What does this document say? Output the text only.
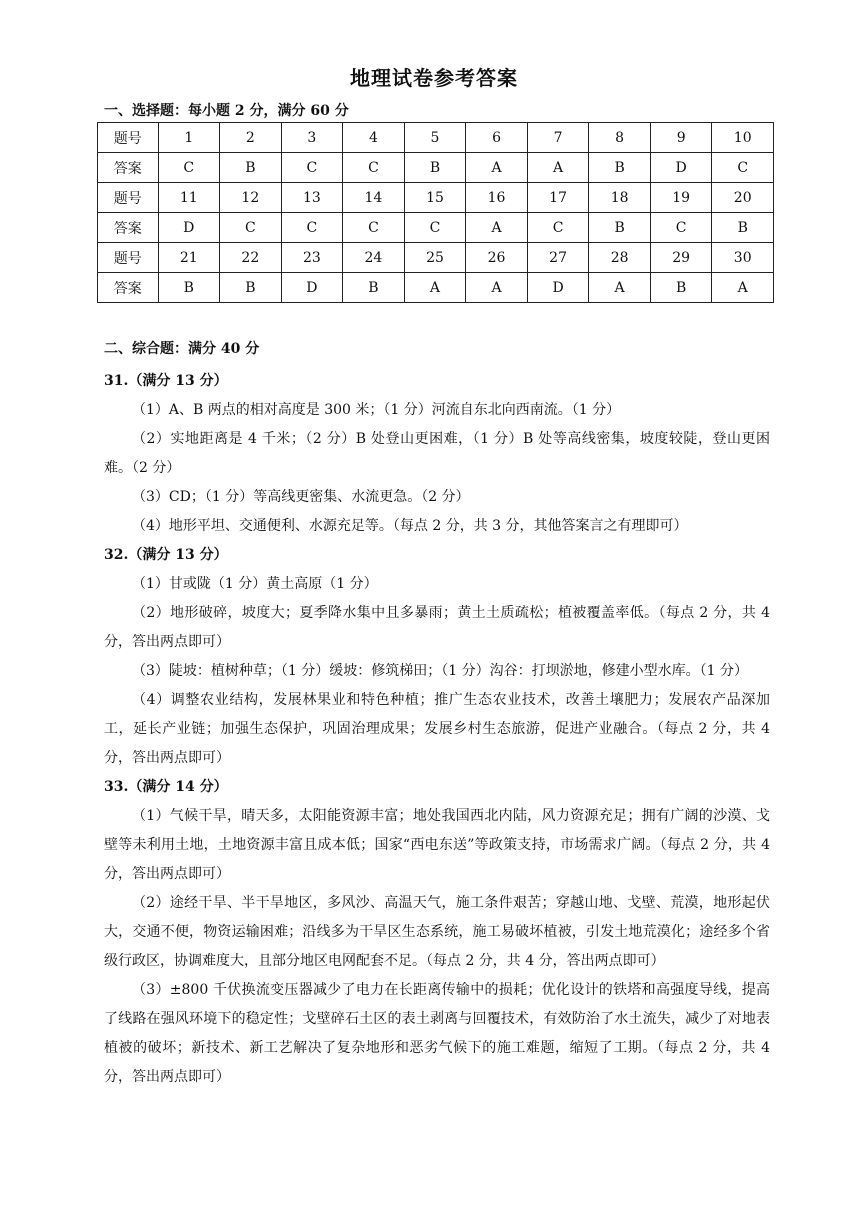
地理试卷参考答案
一、选择题：每小题 2 分，满分 60 分
题号	1	2	3	4	5	6	7	8	9	10
答案	C	B	C	C	B	A	A	B	D	C
题号	11	12	13	14	15	16	17	18	19	20
答案	D	C	C	C	C	A	C	B	C	B
题号	21	22	23	24	25	26	27	28	29	30
答案	B	B	D	B	A	A	D	A	B	A
二、综合题：满分 40 分

31.（满分 13 分）

（1）A、B 两点的相对高度是 300 米；（1 分）河流自东北向西南流。（1 分）

（2）实地距离是 4 千米；（2 分）B 处登山更困难，（1 分）B 处等高线密集，坡度较陡，登山更困难。（2 分）

（3）CD；（1 分）等高线更密集、水流更急。（2 分）

（4）地形平坦、交通便利、水源充足等。（每点 2 分，共 3 分，其他答案言之有理即可）

32.（满分 13 分）

（1）甘或陇（1 分）黄土高原（1 分）

（2）地形破碎，坡度大；夏季降水集中且多暴雨；黄土土质疏松；植被覆盖率低。（每点 2 分，共 4 分，答出两点即可）

（3）陡坡：植树种草；（1 分）缓坡：修筑梯田；（1 分）沟谷：打坝淤地，修建小型水库。（1 分）

（4）调整农业结构，发展林果业和特色种植；推广生态农业技术，改善土壤肥力；发展农产品深加工，延长产业链；加强生态保护，巩固治理成果；发展乡村生态旅游，促进产业融合。（每点 2 分，共 4 分，答出两点即可）

33.（满分 14 分）

（1）气候干旱，晴天多，太阳能资源丰富；地处我国西北内陆，风力资源充足；拥有广阔的沙漠、戈壁等未利用土地，土地资源丰富且成本低；国家“西电东送”等政策支持，市场需求广阔。（每点 2 分，共 4 分，答出两点即可）

（2）途经干旱、半干旱地区，多风沙、高温天气，施工条件艰苦；穿越山地、戈壁、荒漠，地形起伏大，交通不便，物资运输困难；沿线多为干旱区生态系统，施工易破坏植被，引发土地荒漠化；途经多个省级行政区，协调难度大，且部分地区电网配套不足。（每点 2 分，共 4 分，答出两点即可）

（3）±800 千伏换流变压器减少了电力在长距离传输中的损耗；优化设计的铁塔和高强度导线，提高了线路在强风环境下的稳定性；戈壁碎石土区的表土剥离与回覆技术，有效防治了水土流失，减少了对地表植被的破坏；新技术、新工艺解决了复杂地形和恶劣气候下的施工难题，缩短了工期。（每点 2 分，共 4 分，答出两点即可）
